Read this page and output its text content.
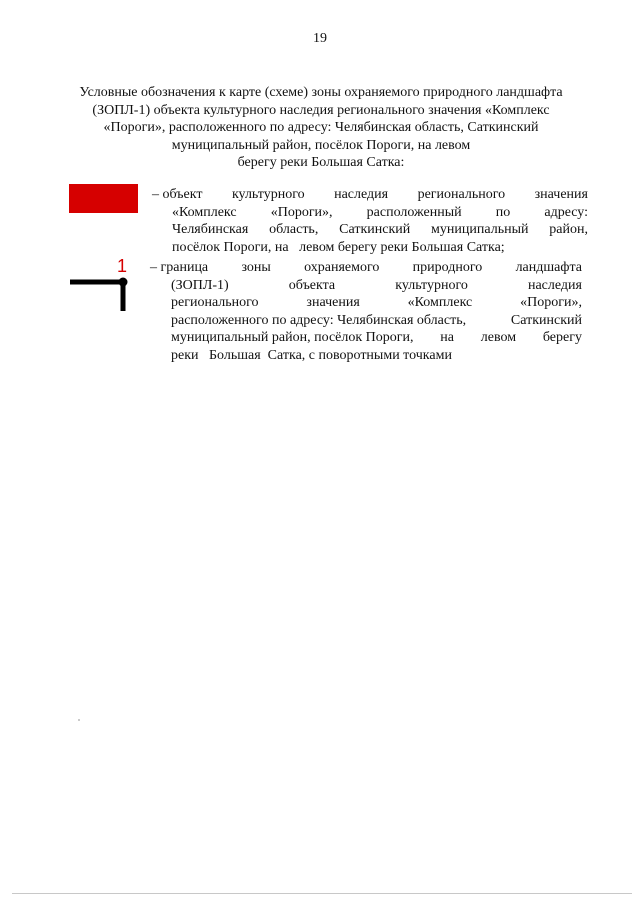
19
Условные обозначения к карте (схеме) зоны охраняемого природного ландшафта
(ЗОПЛ-1) объекта культурного наследия регионального значения «Комплекс
«Пороги», расположенного по адресу: Челябинская область, Саткинский
муниципальный район, посёлок Пороги, на левом
берегу реки Большая Сатка:
– объект культурного наследия регионального значения
«Комплекс «Пороги», расположенный по адресу:
Челябинская область, Саткинский муниципальный район,
посёлок Пороги, на   левом берегу реки Большая Сатка;
1 – граница зоны охраняемого природного ландшафта
(ЗОПЛ-1)	объекта	культурного	наследия
регионального	значения	«Комплекс	«Пороги»,
расположенного по адресу: Челябинская область,	Саткинский
муниципальный район, посёлок Пороги, на левом берегу
реки   Большая  Сатка, с поворотными точками
